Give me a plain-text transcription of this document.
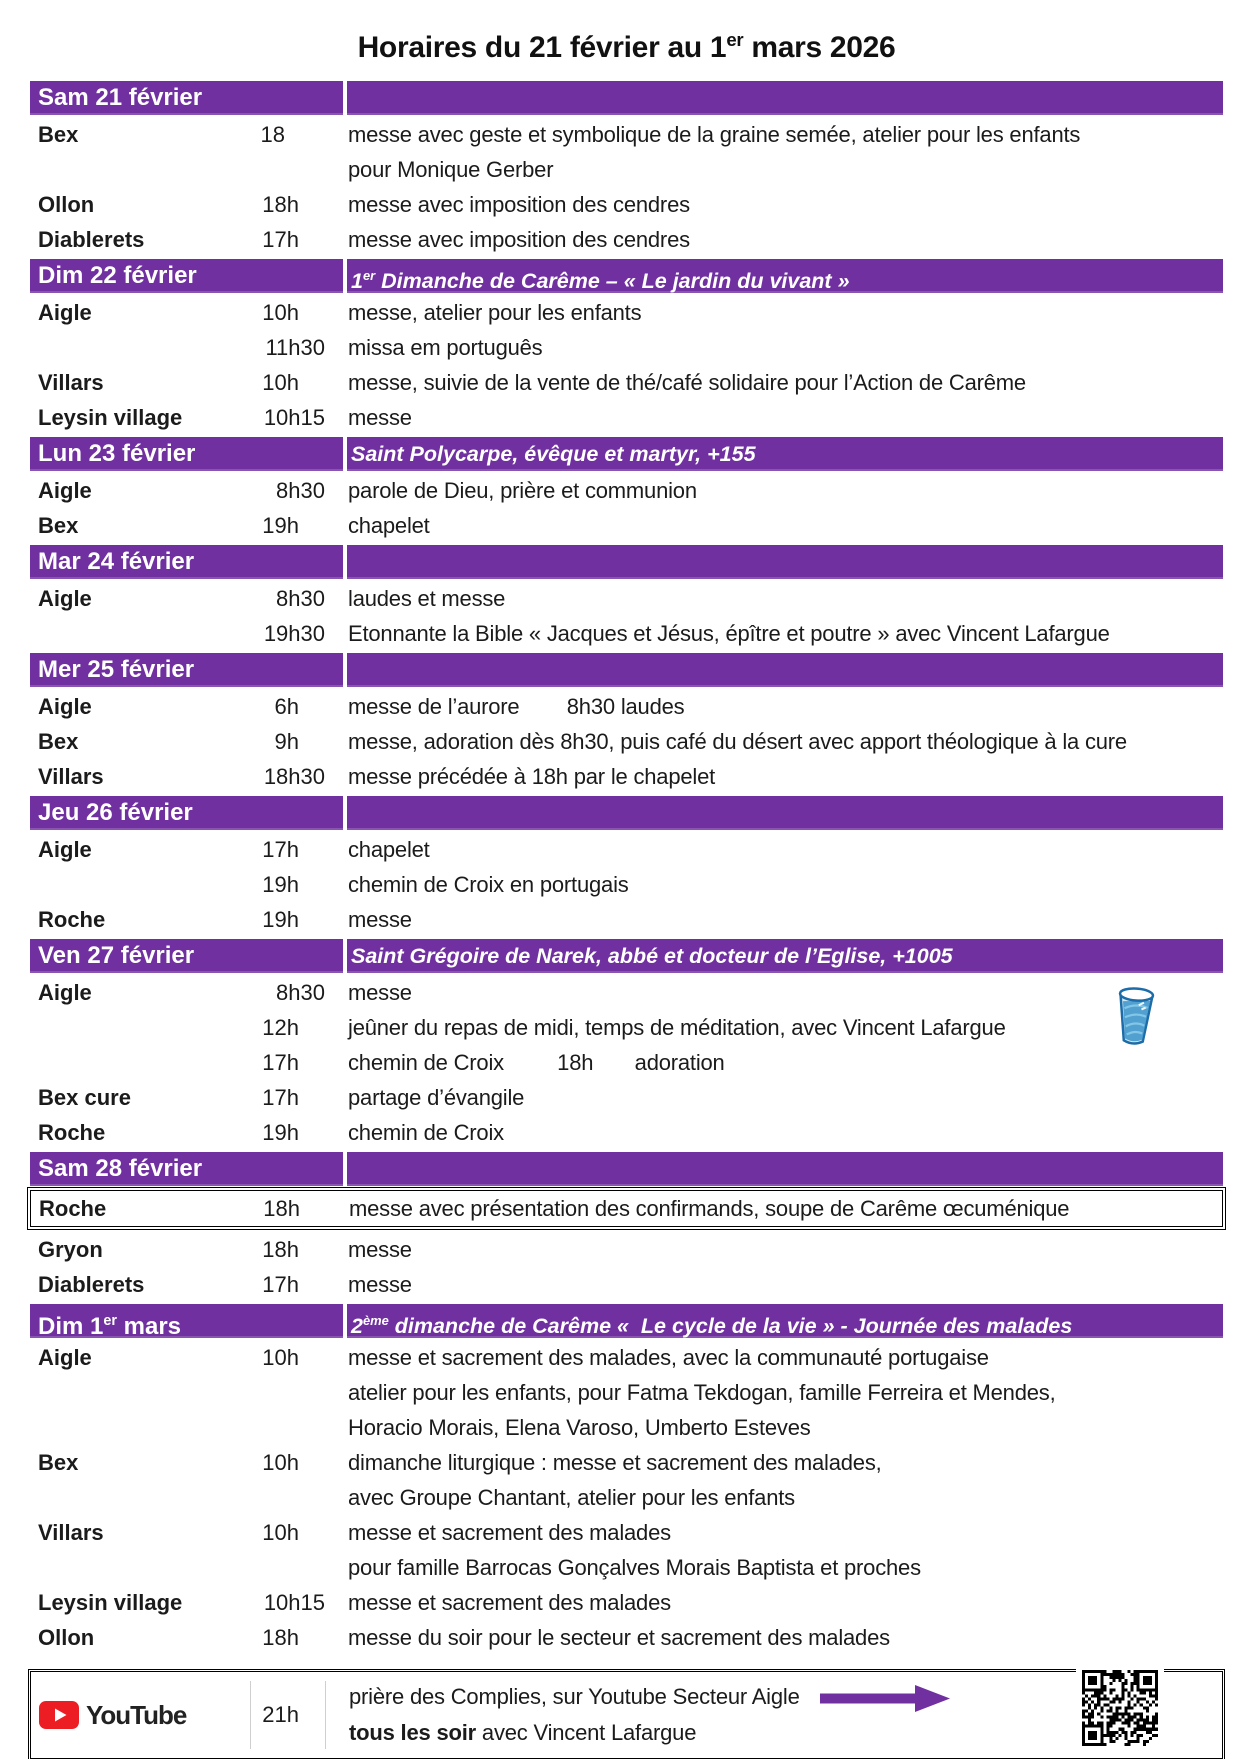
Horaires du 21 février au 1er mars 2026
Sam 21 février
Bex	18	messe avec geste et symbolique de la graine semée, atelier pour les enfants
pour Monique Gerber
Ollon	18h	messe avec imposition des cendres
Diablerets	17h	messe avec imposition des cendres
Dim 22 février	1er Dimanche de Carême – « Le jardin du vivant »
Aigle	10h	messe, atelier pour les enfants
11h30 missa em português
Villars	10h	messe, suivie de la vente de thé/café solidaire pour l’Action de Carême
Leysin village	10h15 messe
Lun 23 février	Saint Polycarpe, évêque et martyr, +155
Aigle	8h30 parole de Dieu, prière et communion
Bex	19h	chapelet
Mar 24 février
Aigle	8h30 laudes et messe
19h30 Etonnante la Bible « Jacques et Jésus, épître et poutre » avec Vincent Lafargue
Mer 25 février
Aigle	6h	messe de l’aurore        8h30 laudes
Bex	9h	messe, adoration dès 8h30, puis café du désert avec apport théologique à la cure
Villars	18h30 messe précédée à 18h par le chapelet
Jeu 26 février
Aigle	17h	chapelet
19h	chemin de Croix en portugais
Roche	19h	messe
Ven 27 février	Saint Grégoire de Narek, abbé et docteur de l’Eglise, +1005
Aigle	8h30 messe
12h	jeûner du repas de midi, temps de méditation, avec Vincent Lafargue
17h	chemin de Croix         18h       adoration
Bex cure	17h	partage d’évangile
Roche	19h	chemin de Croix
Sam 28 février
Roche	18h	messe avec présentation des confirmands, soupe de Carême œcuménique
Gryon	18h	messe
Diablerets	17h	messe
Dim 1er mars	2ème dimanche de Carême «  Le cycle de la vie » - Journée des malades
Aigle	10h	messe et sacrement des malades, avec la communauté portugaise
atelier pour les enfants, pour Fatma Tekdogan, famille Ferreira et Mendes,
Horacio Morais, Elena Varoso, Umberto Esteves
Bex	10h	dimanche liturgique : messe et sacrement des malades,
avec Groupe Chantant, atelier pour les enfants
Villars	10h	messe et sacrement des malades
pour famille Barrocas Gonçalves Morais Baptista et proches
Leysin village	10h15 messe et sacrement des malades
Ollon	18h	messe du soir pour le secteur et sacrement des malades
YouTube	21h
prière des Complies, sur Youtube Secteur Aigle
tous les soir avec Vincent Lafargue
